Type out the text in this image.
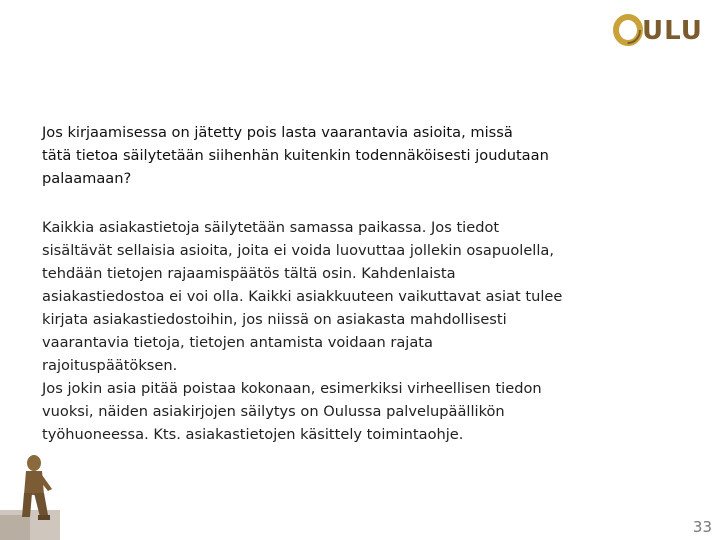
ULU

Jos kirjaamisessa on jätetty pois lasta vaarantavia asioita, missä
tätä tietoa säilytetään siihenhän kuitenkin todennäköisesti joudutaan
palaamaan?

Kaikkia asiakastietoja säilytetään samassa paikassa. Jos tiedot
sisältävät sellaisia asioita, joita ei voida luovuttaa jollekin osapuolella,
tehdään tietojen rajaamispäätös tältä osin. Kahdenlaista
asiakastiedostoa ei voi olla. Kaikki asiakkuuteen vaikuttavat asiat tulee
kirjata asiakastiedostoihin, jos niissä on asiakasta mahdollisesti
vaarantavia tietoja, tietojen antamista voidaan rajata
rajoituspäätöksen.

Jos jokin asia pitää poistaa kokonaan, esimerkiksi virheellisen tiedon
vuoksi, näiden asiakirjojen säilytys on Oulussa palvelupäällikön
työhuoneessa. Kts. asiakastietojen käsittely toimintaohje.

33
